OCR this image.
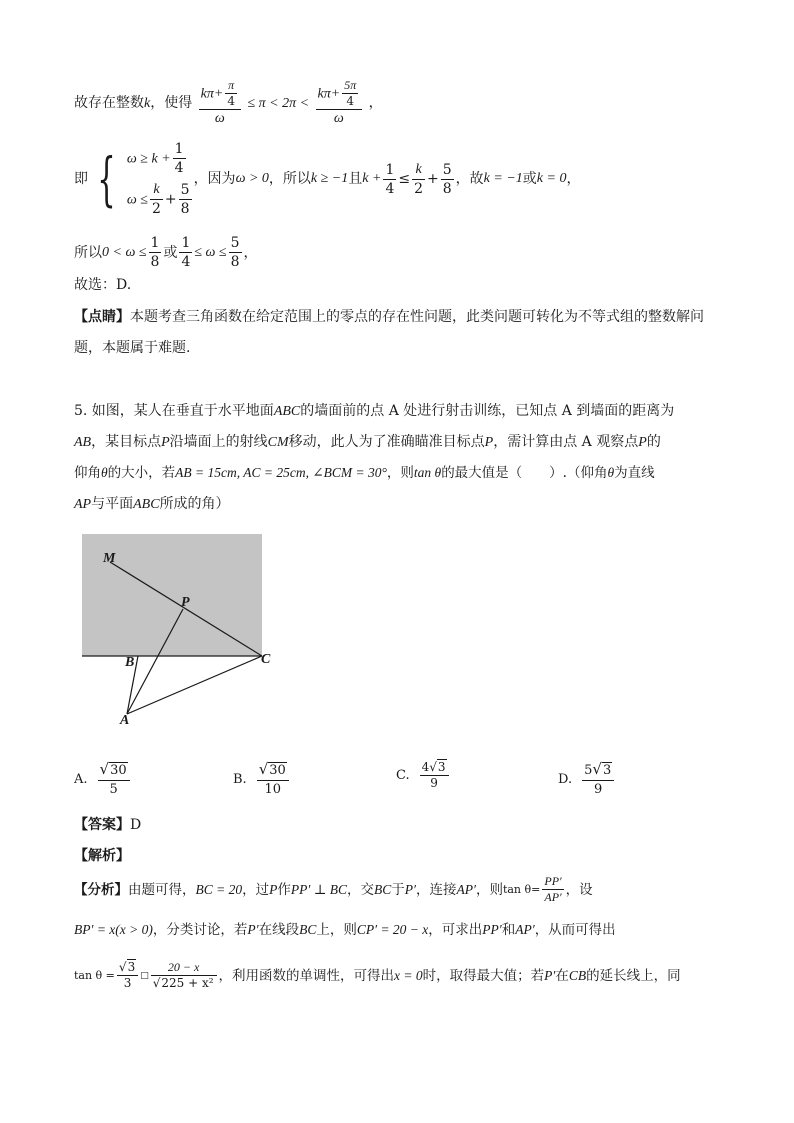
故存在整数k，使得 $\frac{k\pi+ \frac{\pi}{4}}{\omega} \le \pi < 2\pi < \frac{k\pi+ \frac{5\pi}{4}}{\omega}$ ，
即 { $\omega \ge k + \frac{1}{4}$
$\omega \le \frac{k}{2} + \frac{5}{8}$
，因为 ω > 0 ，所以 k ≥ −1 且 $k + \frac{1}{4} \le \frac{k}{2} + \frac{5}{8}$ ，故 k = −1 或 k = 0 ，
所以 $0 < \omega \le \frac{1}{8}$ 或 $\frac{1}{4} \le \omega \le \frac{5}{8}$ ，
故选：D.
【点睛】本题考查三角函数在给定范围上的零点的存在性问题，此类问题可转化为不等式组的整数解问
题，本题属于难题.
5. 如图，某人在垂直于水平地面ABC的墙面前的点 A 处进行射击训练，已知点 A 到墙面的距离为
AB，某目标点P沿墙面上的射线CM移动，此人为了准确瞄准目标点P，需计算由点 A 观察点P的
仰角θ的大小，若AB = 15cm, AC = 25cm, ∠BCM = 30°，则tan θ的最大值是（　　）.（仰角θ为直线
AP与平面ABC所成的角）
M
P
B	C
A
A. $\frac{√30}{5}$	B. $\frac{√30}{10}$	C. $\frac{4√3}{9}$	D. $\frac{5√3}{9}$
【答案】D
【解析】
【分析】 由题可得， BC = 20 ，过 P 作 PP′ ⊥ BC ，交 BC 于 P′ ，连接 AP′ ，则 $\tan \theta= \frac{PP'}{AP'}$ ，设
BP′ = x(x > 0)，分类讨论，若P′在线段BC上，则CP′ = 20 − x，可求出PP′和AP′，从而可得出
$\tan \theta = \frac{√3}{3}$ □ $\frac{20 - x}{\text{√225 + x²}}$ ，利用函数的单调性，可得出 x = 0 时，取得最大值；若 P′ 在 CB 的延长线上，同
